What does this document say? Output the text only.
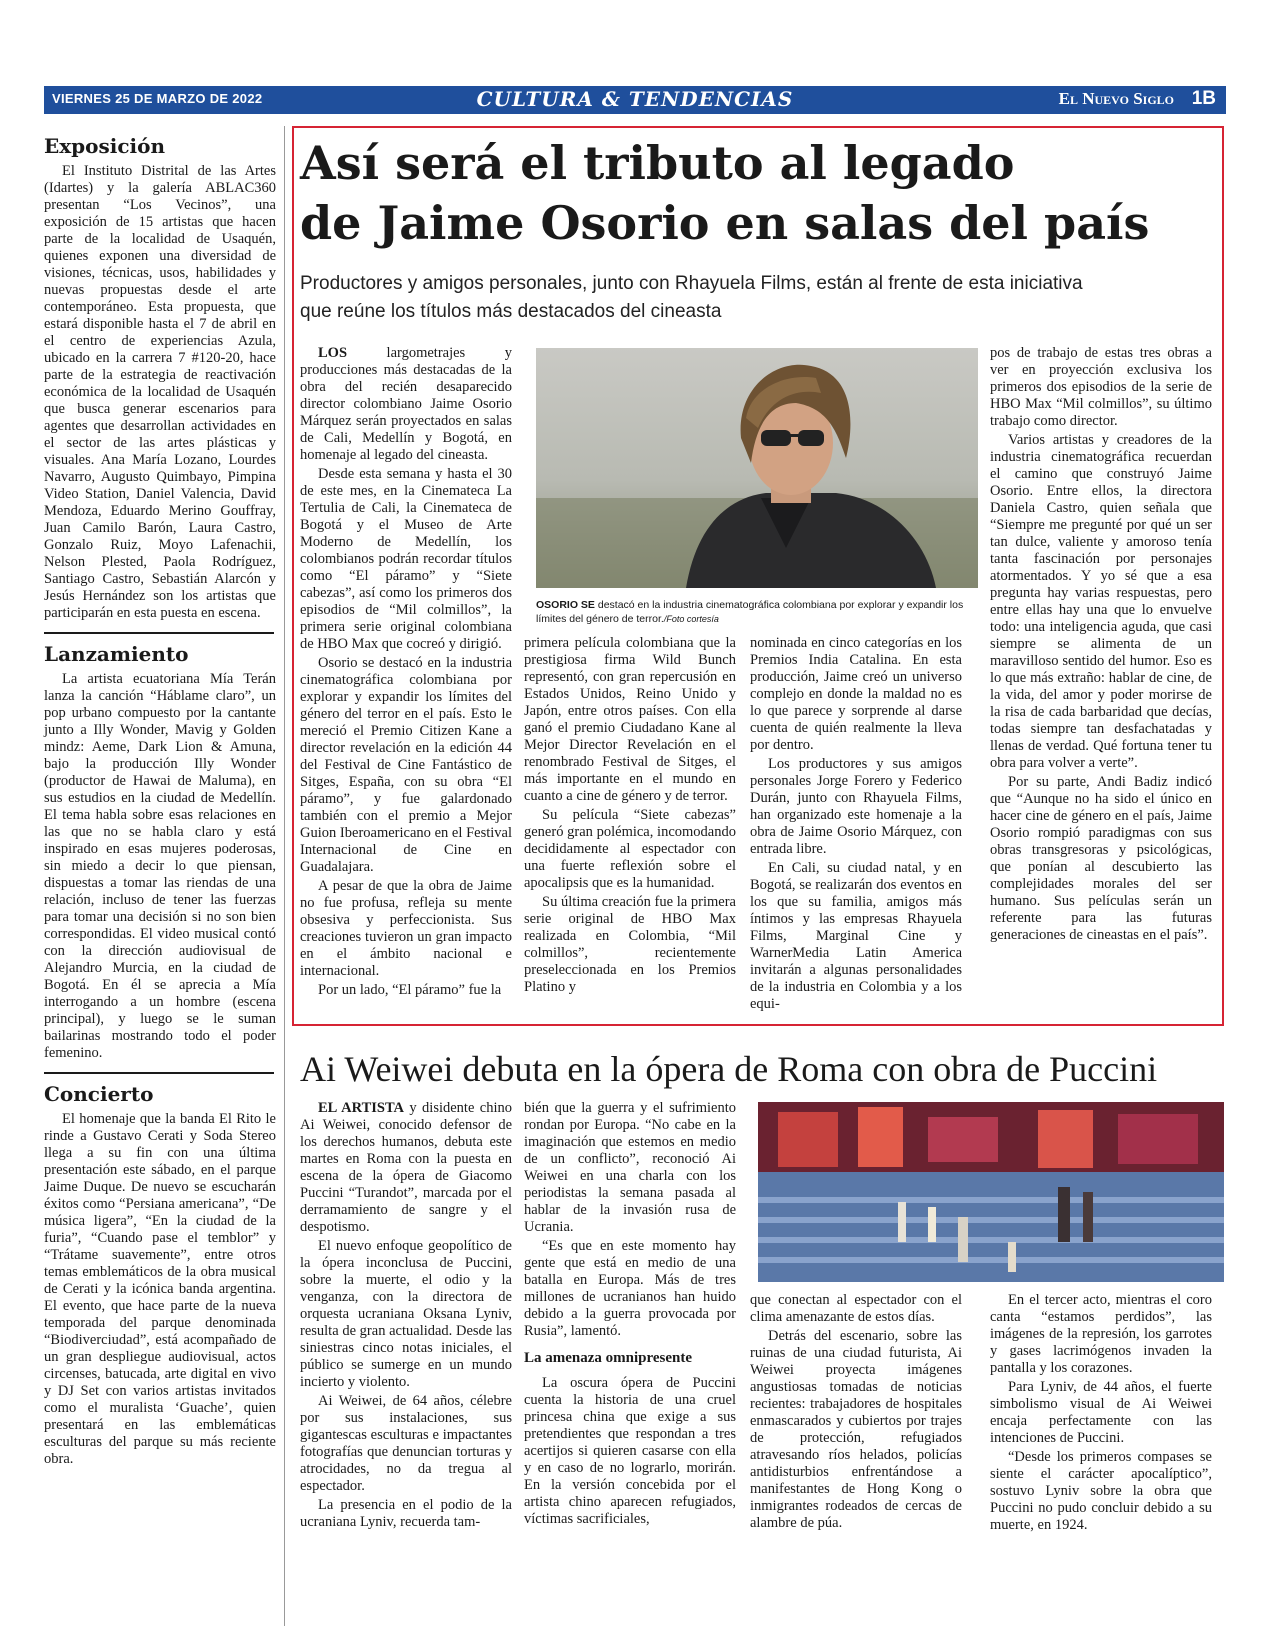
VIERNES 25 DE MARZO DE 2022	CULTURA & TENDENCIAS	El Nuevo Siglo 1B
Exposición

El Instituto Distrital de las Artes (Idartes) y la galería ABLAC360 presentan “Los Vecinos”, una exposición de 15 artistas que hacen parte de la localidad de Usaquén, quienes exponen una diversidad de visiones, técnicas, usos, habilidades y nuevas propuestas desde el arte contemporáneo. Esta propuesta, que estará disponible hasta el 7 de abril en el centro de experiencias Azula, ubicado en la carrera 7 #120-20, hace parte de la estrategia de reactivación económica de la localidad de Usaquén que busca generar escenarios para agentes que desarrollan actividades en el sector de las artes plásticas y visuales. Ana María Lozano, Lourdes Navarro, Augusto Quimbayo, Pimpina Video Station, Daniel Valencia, David Mendoza, Eduardo Merino Gouffray, Juan Camilo Barón, Laura Castro, Gonzalo Ruiz, Moyo Lafenachii, Nelson Plested, Paola Rodríguez, Santiago Castro, Sebastián Alarcón y Jesús Hernández son los artistas que participarán en esta puesta en escena.

Lanzamiento

La artista ecuatoriana Mía Terán lanza la canción “Háblame claro”, un pop urbano compuesto por la cantante junto a Illy Wonder, Mavig y Golden mindz: Aeme, Dark Lion & Amuna, bajo la producción Illy Wonder (productor de Hawai de Maluma), en sus estudios en la ciudad de Medellín. El tema habla sobre esas relaciones en las que no se habla claro y está inspirado en esas mujeres poderosas, sin miedo a decir lo que piensan, dispuestas a tomar las riendas de una relación, incluso de tener las fuerzas para tomar una decisión si no son bien correspondidas. El video musical contó con la dirección audiovisual de Alejandro Murcia, en la ciudad de Bogotá. En él se aprecia a Mía interrogando a un hombre (escena principal), y luego se le suman bailarinas mostrando todo el poder femenino.

Concierto

El homenaje que la banda El Rito le rinde a Gustavo Cerati y Soda Stereo llega a su fin con una última presentación este sábado, en el parque Jaime Duque. De nuevo se escucharán éxitos como “Persiana americana”, “De música ligera”, “En la ciudad de la furia”, “Cuando pase el temblor” y “Trátame suavemente”, entre otros temas emblemáticos de la obra musical de Cerati y la icónica banda argentina. El evento, que hace parte de la nueva temporada del parque denominada “Biodiverciudad”, está acompañado de un gran despliegue audiovisual, actos circenses, batucada, arte digital en vivo y DJ Set con varios artistas invitados como el muralista ‘Guache’, quien presentará en las emblemáticas esculturas del parque su más reciente obra.

Así será el tributo al legado
de Jaime Osorio en salas del país
Productores y amigos personales, junto con Rhayuela Films, están al frente de esta iniciativa
que reúne los títulos más destacados del cineasta
OSORIO SE destacó en la industria cinematográfica colombiana por explorar y expandir los límites del género de terror./Foto cortesía

LOS largometrajes y producciones más destacadas de la obra del recién desaparecido director colombiano Jaime Osorio Márquez serán proyectados en salas de Cali, Medellín y Bogotá, en homenaje al legado del cineasta.

Desde esta semana y hasta el 30 de este mes, en la Cinemateca La Tertulia de Cali, la Cinemateca de Bogotá y el Museo de Arte Moderno de Medellín, los colombianos podrán recordar títulos como “El páramo” y “Siete cabezas”, así como los primeros dos episodios de “Mil colmillos”, la primera serie original colombiana de HBO Max que cocreó y dirigió.

Osorio se destacó en la industria cinematográfica colombiana por explorar y expandir los límites del género del terror en el país. Esto le mereció el Premio Citizen Kane a director revelación en la edición 44 del Festival de Cine Fantástico de Sitges, España, con su obra “El páramo”, y fue galardonado también con el premio a Mejor Guion Iberoamericano en el Festival Internacional de Cine en Guadalajara.

A pesar de que la obra de Jaime no fue profusa, refleja su mente obsesiva y perfeccionista. Sus creaciones tuvieron un gran impacto en el ámbito nacional e internacional.

Por un lado, “El páramo” fue la

primera película colombiana que la prestigiosa firma Wild Bunch representó, con gran repercusión en Estados Unidos, Reino Unido y Japón, entre otros países. Con ella ganó el premio Ciudadano Kane al Mejor Director Revelación en el renombrado Festival de Sitges, el más importante en el mundo en cuanto a cine de género y de terror.

Su película “Siete cabezas” generó gran polémica, incomodando decididamente al espectador con una fuerte reflexión sobre el apocalipsis que es la humanidad.

Su última creación fue la primera serie original de HBO Max realizada en Colombia, “Mil colmillos”, recientemente preseleccionada en los Premios Platino y

nominada en cinco categorías en los Premios India Catalina. En esta producción, Jaime creó un universo complejo en donde la maldad no es lo que parece y sorprende al darse cuenta de quién realmente la lleva por dentro.

Los productores y sus amigos personales Jorge Forero y Federico Durán, junto con Rhayuela Films, han organizado este homenaje a la obra de Jaime Osorio Márquez, con entrada libre.

En Cali, su ciudad natal, y en Bogotá, se realizarán dos eventos en los que su familia, amigos más íntimos y las empresas Rhayuela Films, Marginal Cine y WarnerMedia Latin America invitarán a algunas personalidades de la industria en Colombia y a los equi-

pos de trabajo de estas tres obras a ver en proyección exclusiva los primeros dos episodios de la serie de HBO Max “Mil colmillos”, su último trabajo como director.

Varios artistas y creadores de la industria cinematográfica recuerdan el camino que construyó Jaime Osorio. Entre ellos, la directora Daniela Castro, quien señala que “Siempre me pregunté por qué un ser tan dulce, valiente y amoroso tenía tanta fascinación por personajes atormentados. Y yo sé que a esa pregunta hay varias respuestas, pero entre ellas hay una que lo envuelve todo: una inteligencia aguda, que casi siempre se alimenta de un maravilloso sentido del humor. Eso es lo que más extraño: hablar de cine, de la vida, del amor y poder morirse de la risa de cada barbaridad que decías, todas siempre tan desfachatadas y llenas de verdad. Qué fortuna tener tu obra para volver a verte”.

Por su parte, Andi Badiz indicó que “Aunque no ha sido el único en hacer cine de género en el país, Jaime Osorio rompió paradigmas con sus obras transgresoras y psicológicas, que ponían al descubierto las complejidades morales del ser humano. Sus películas serán un referente para las futuras generaciones de cineastas en el país”.

Ai Weiwei debuta en la ópera de Roma con obra de Puccini

EL ARTISTA y disidente chino Ai Weiwei, conocido defensor de los derechos humanos, debuta este martes en Roma con la puesta en escena de la ópera de Giacomo Puccini “Turandot”, marcada por el derramamiento de sangre y el despotismo.

El nuevo enfoque geopolítico de la ópera inconclusa de Puccini, sobre la muerte, el odio y la venganza, con la directora de orquesta ucraniana Oksana Lyniv, resulta de gran actualidad. Desde las siniestras cinco notas iniciales, el público se sumerge en un mundo incierto y violento.

Ai Weiwei, de 64 años, célebre por sus instalaciones, sus gigantescas esculturas e impactantes fotografías que denuncian torturas y atrocidades, no da tregua al espectador.

La presencia en el podio de la ucraniana Lyniv, recuerda tam-

bién que la guerra y el sufrimiento rondan por Europa. “No cabe en la imaginación que estemos en medio de un conflicto”, reconoció Ai Weiwei en una charla con los periodistas la semana pasada al hablar de la invasión rusa de Ucrania.

“Es que en este momento hay gente que está en medio de una batalla en Europa. Más de tres millones de ucranianos han huido debido a la guerra provocada por Rusia”, lamentó.

La amenaza omnipresente

La oscura ópera de Puccini cuenta la historia de una cruel princesa china que exige a sus pretendientes que respondan a tres acertijos si quieren casarse con ella y en caso de no lograrlo, morirán. En la versión concebida por el artista chino aparecen refugiados, víctimas sacrificiales,

que conectan al espectador con el clima amenazante de estos días.

Detrás del escenario, sobre las ruinas de una ciudad futurista, Ai Weiwei proyecta imágenes angustiosas tomadas de noticias recientes: trabajadores de hospitales enmascarados y cubiertos por trajes de protección, refugiados atravesando ríos helados, policías antidisturbios enfrentándose a manifestantes de Hong Kong o inmigrantes rodeados de cercas de alambre de púa.

En el tercer acto, mientras el coro canta “estamos perdidos”, las imágenes de la represión, los garrotes y gases lacrimógenos invaden la pantalla y los corazones.

Para Lyniv, de 44 años, el fuerte simbolismo visual de Ai Weiwei encaja perfectamente con las intenciones de Puccini.

“Desde los primeros compases se siente el carácter apocalíptico”, sostuvo Lyniv sobre la obra que Puccini no pudo concluir debido a su muerte, en 1924.
